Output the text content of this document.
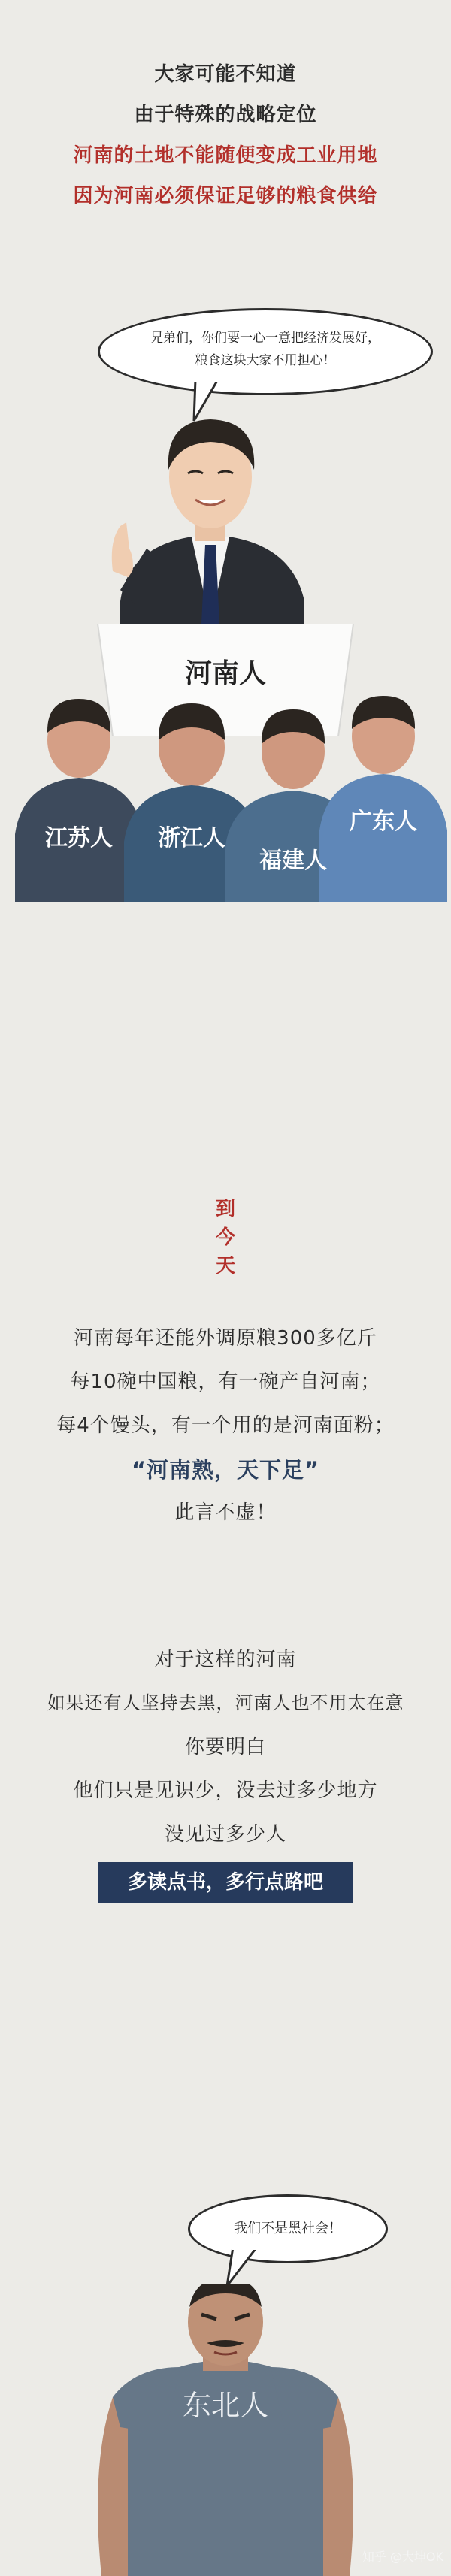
大家可能不知道
由于特殊的战略定位
河南的土地不能随便变成工业用地
因为河南必须保证足够的粮食供给
兄弟们，你们要一心一意把经济发展好，
粮食这块大家不用担心！
河南人
江苏人	浙江人
福建人
广东人
到
今
天
河南每年还能外调原粮300多亿斤
每10碗中国粮，有一碗产自河南；
每4个馒头，有一个用的是河南面粉；
“河南熟，天下足”
此言不虚！
对于这样的河南
如果还有人坚持去黑，河南人也不用太在意
你要明白
他们只是见识少，没去过多少地方
没见过多少人
多读点书，多行点路吧
我们不是黑社会！
东北人
知乎 @大坤OK
